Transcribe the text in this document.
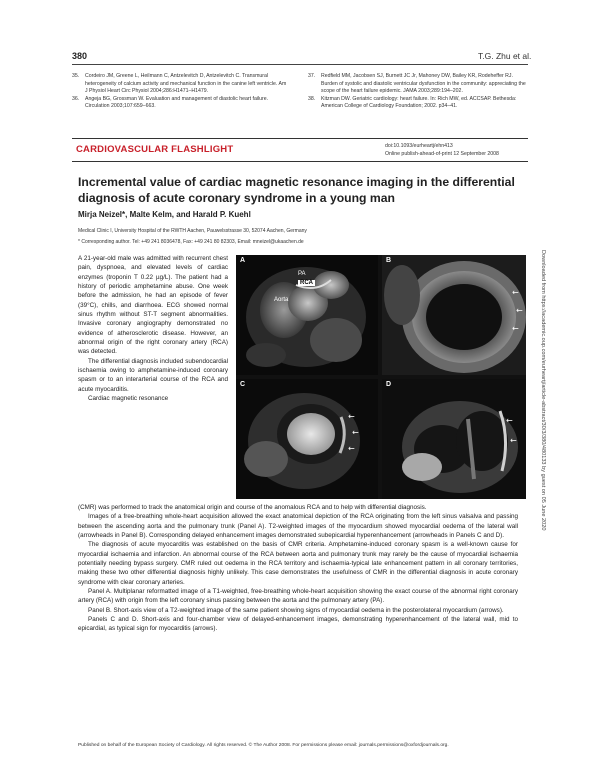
380	T.G. Zhu et al.
35.	Cordeiro JM, Greene L, Heilmann C, Antzelevitch D, Antzelevitch C. Transmural heterogeneity of calcium activity and mechanical function in the canine left ventricle. Am J Physiol Heart Circ Physiol 2004;286:H1471–H1479.
36.	Angeja BG, Grossman W. Evaluation and management of diastolic heart failure. Circulation 2003;107:659–663.
37.	Redfield MM, Jacobsen SJ, Burnett JC Jr, Mahoney DW, Bailey KR, Rodeheffer RJ. Burden of systolic and diastolic ventricular dysfunction in the community: appreciating the scope of the heart failure epidemic. JAMA 2003;289:194–202.
38.	Kitzman DW. Geriatric cardiology: heart failure. In: Rich MW, ed. ACCSAP. Bethesda: American College of Cardiology Foundation; 2002. p34–41.
CARDIOVASCULAR FLASHLIGHT	doi:10.1093/eurheartj/ehn413
Online publish-ahead-of-print 12 September 2008
Incremental value of cardiac magnetic resonance imaging in the differential diagnosis of acute coronary syndrome in a young man
Mirja Neizel*, Malte Kelm, and Harald P. Kuehl
Medical Clinic I, University Hospital of the RWTH Aachen, Pauwelsstrasse 30, 52074 Aachen, Germany
* Corresponding author. Tel: +49 241 8036478, Fax: +49 241 80 82303, Email: mneizel@ukaachen.de

A 21-year-old male was admitted with recurrent chest pain, dyspnoea, and elevated levels of cardiac enzymes (troponin T 0.22 µg/L). The patient had a history of periodic amphetamine abuse. One week before the admission, he had an episode of fever (39°C), chills, and diarrhoea. ECG showed normal sinus rhythm without ST-T segment abnormalities. Invasive coronary angiography demonstrated no evidence of atherosclerotic disease. However, an abnormal origin of the right coronary artery (RCA) was detected.

The differential diagnosis included subendocardial ischaemia owing to amphetamine-induced coronary spasm or to an interarterial course of the RCA and acute myocarditis.

Cardiac magnetic resonance

A
PA
RCA
Aorta
←
←
←
B
←
←
←
C
←
←
D

(CMR) was performed to track the anatomical origin and course of the anomalous RCA and to help with differential diagnosis.

Images of a free-breathing whole-heart acquisition allowed the exact anatomical depiction of the RCA originating from the left sinus valsalva and passing between the ascending aorta and the pulmonary trunk (Panel A). T2-weighted images of the myocardium showed myocardial oedema of the lateral wall (arrowheads in Panel B). Corresponding delayed enhancement images demonstrated subepicardial hyperenhancement (arrowheads in Panels C and D).

The diagnosis of acute myocarditis was established on the basis of CMR criteria. Amphetamine-induced coronary spasm is a well-known cause for myocardial ischaemia and infarction. An abnormal course of the RCA between aorta and pulmonary trunk may rarely be the cause of myocardial ischaemia potentially needing bypass surgery. CMR ruled out oedema in the RCA territory and ischaemia-typical late enhancement pattern in all coronary territories, making these two other differential diagnosis highly unlikely. This case demonstrates the usefulness of CMR in the differential diagnosis in acute coronary syndrome with clear coronary arteries.

Panel A. Multiplanar reformatted image of a T1-weighted, free-breathing whole-heart acquisition showing the exact course of the abnormal right coronary artery (RCA) with origin from the left coronary sinus passing between the aorta and the pulmonary artery (PA).

Panel B. Short-axis view of a T2-weighted image of the same patient showing signs of myocardial oedema in the posterolateral myocardium (arrows).

Panels C and D. Short-axis and four-chamber view of delayed-enhancement images, demonstrating hyperenhancement of the lateral wall, mid to epicardial, as typical sign for myocarditis (arrows).

Published on behalf of the European Society of Cardiology. All rights reserved. © The Author 2008. For permissions please email: journals.permissions@oxfordjournals.org.
Downloaded from https://academic.oup.com/eurheartj/article-abstract/30/3/380/480133 by guest on 05 June 2020
